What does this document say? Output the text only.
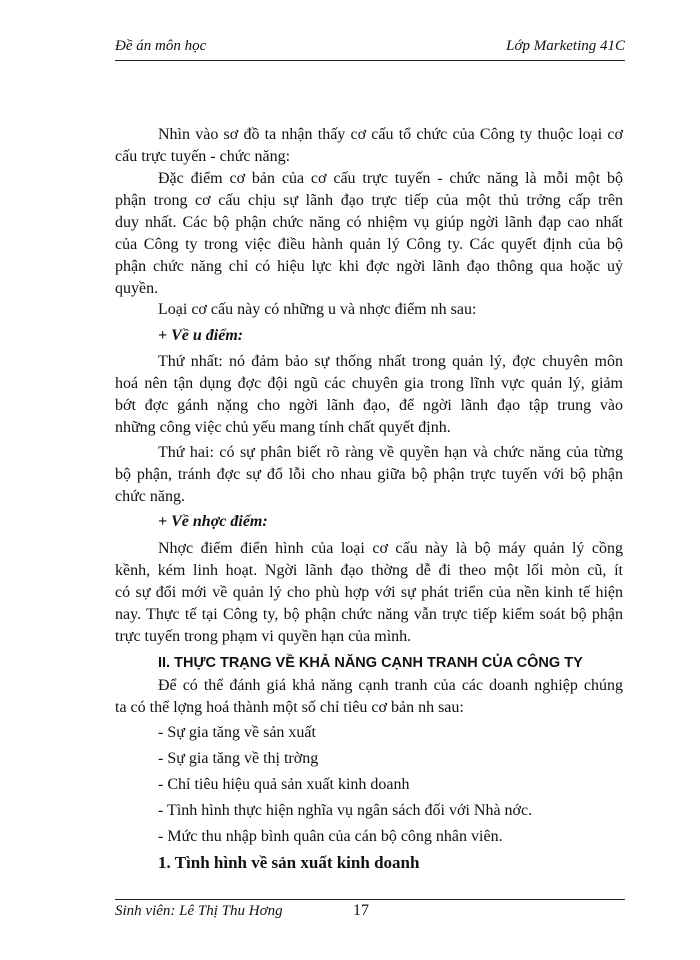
Đề án môn học	Lớp Marketing 41C
Nhìn vào sơ đồ ta nhận thấy cơ cấu tổ chức của Công ty thuộc loại cơ
cấu trực tuyến - chức năng:
Đặc điểm cơ bản của cơ cấu trực tuyến - chức năng là mỗi một bộ
phận trong cơ cấu chịu sự lãnh đạo trực tiếp của một thủ trởng cấp trên
duy nhất. Các bộ phận chức năng có nhiệm vụ giúp ngời lãnh đạp cao nhất
của Công ty trong việc điều hành quản lý Công ty. Các quyết định của bộ
phận chức năng chỉ có hiệu lực khi đợc ngời lãnh đạo thông qua hoặc uỷ
quyền.
Loại cơ cấu này có những u và nhợc điểm nh sau:
+ Về u điểm:
Thứ nhất: nó đảm bảo sự thống nhất trong quản lý, đợc chuyên môn
hoá nên tận dụng đợc đội ngũ các chuyên gia trong lĩnh vực quản lý, giảm
bớt đợc gánh nặng cho ngời lãnh đạo, để ngời lãnh đạo tập trung vào
những công việc chủ yếu mang tính chất quyết định.
Thứ hai: có sự phân biết rõ ràng về quyền hạn và chức năng của từng
bộ phận, tránh đợc sự đổ lỗi cho nhau giữa bộ phận trực tuyến với bộ phận
chức năng.
+ Về nhợc điểm:
Nhợc điểm điển hình của loại cơ cấu này là bộ máy quản lý cồng
kềnh, kém linh hoạt. Ngời lãnh đạo thờng dễ đi theo một lối mòn cũ, ít
có sự đổi mới về quản lý cho phù hợp với sự phát triển của nền kinh tế hiện
nay. Thực tế tại Công ty, bộ phận chức năng vẫn trực tiếp kiểm soát bộ phận
trực tuyến trong phạm vi quyền hạn của mình.
II. THỰC TRẠNG VỀ KHẢ NĂNG CẠNH TRANH CỦA CÔNG TY
Để có thể đánh giá khả năng cạnh tranh của các doanh nghiệp chúng
ta có thể lợng hoá thành một số chỉ tiêu cơ bản nh sau:
- Sự gia tăng về sản xuất
- Sự gia tăng về thị trờng
- Chỉ tiêu hiệu quả sản xuất kinh doanh
- Tình hình thực hiện nghĩa vụ ngân sách đối với Nhà nớc.
- Mức thu nhập bình quân của cán bộ công nhân viên.
1. Tình hình về sản xuất kinh doanh
Sinh viên: Lê Thị Thu Hơng	17
